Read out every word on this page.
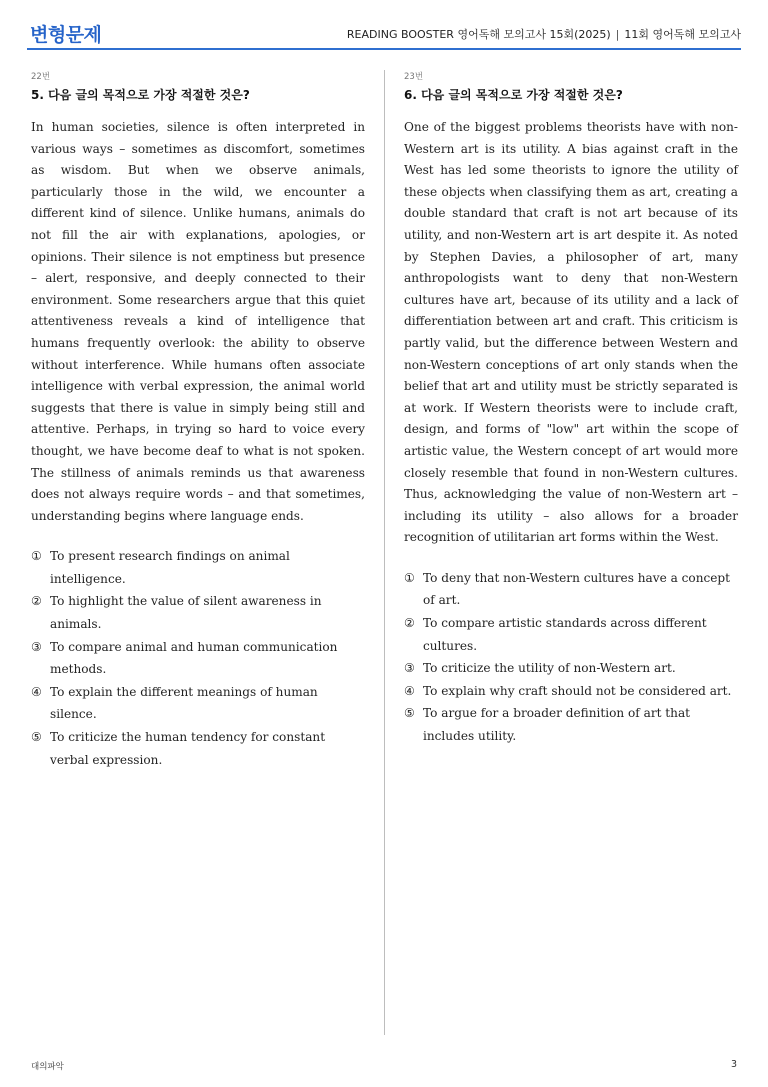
변형문제	READING BOOSTER 영어독해 모의고사 15회(2025) | 11회 영어독해 모의고사
22번
5. 다음 글의 목적으로 가장 적절한 것은?

In human societies, silence is often interpreted in various ways – sometimes as discomfort, sometimes as wisdom. But when we observe animals, particularly those in the wild, we encounter a different kind of silence. Unlike humans, animals do not fill the air with explanations, apologies, or opinions. Their silence is not emptiness but presence – alert, responsive, and deeply connected to their environment. Some researchers argue that this quiet attentiveness reveals a kind of intelligence that humans frequently overlook: the ability to observe without interference. While humans often associate intelligence with verbal expression, the animal world suggests that there is value in simply being still and attentive. Perhaps, in trying so hard to voice every thought, we have become deaf to what is not spoken. The stillness of animals reminds us that awareness does not always require words – and that sometimes, understanding begins where language ends.

① To present research findings on animal intelligence.
② To highlight the value of silent awareness in animals.
③ To compare animal and human communication methods.
④ To explain the different meanings of human silence.
⑤ To criticize the human tendency for constant verbal expression.
23번
6. 다음 글의 목적으로 가장 적절한 것은?

One of the biggest problems theorists have with non-Western art is its utility. A bias against craft in the West has led some theorists to ignore the utility of these objects when classifying them as art, creating a double standard that craft is not art because of its utility, and non-Western art is art despite it. As noted by Stephen Davies, a philosopher of art, many anthropologists want to deny that non-Western cultures have art, because of its utility and a lack of differentiation between art and craft. This criticism is partly valid, but the difference between Western and non-Western conceptions of art only stands when the belief that art and utility must be strictly separated is at work. If Western theorists were to include craft, design, and forms of "low" art within the scope of artistic value, the Western concept of art would more closely resemble that found in non-Western cultures. Thus, acknowledging the value of non-Western art – including its utility – also allows for a broader recognition of utilitarian art forms within the West.

① To deny that non-Western cultures have a concept of art.
② To compare artistic standards across different cultures.
③ To criticize the utility of non-Western art.
④ To explain why craft should not be considered art.
⑤ To argue for a broader definition of art that includes utility.
대의파악	3
